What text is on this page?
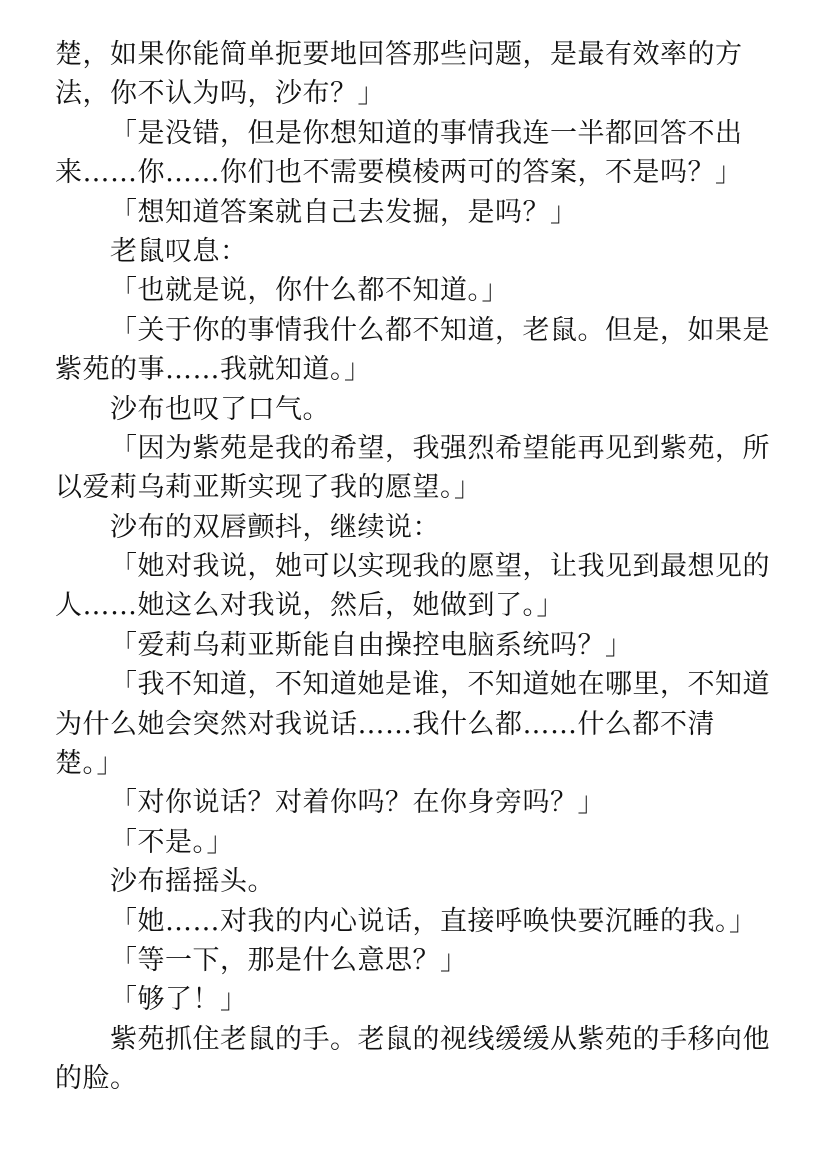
楚，如果你能简单扼要地回答那些问题，是最有效率的方
法，你不认为吗，沙布？」
「是没错，但是你想知道的事情我连一半都回答不出
来……你……你们也不需要模棱两可的答案，不是吗？」
「想知道答案就自己去发掘，是吗？」
老鼠叹息：
「也就是说，你什么都不知道。」
「关于你的事情我什么都不知道，老鼠。但是，如果是
紫苑的事……我就知道。」
沙布也叹了口气。
「因为紫苑是我的希望，我强烈希望能再见到紫苑，所
以爱莉乌莉亚斯实现了我的愿望。」
沙布的双唇颤抖，继续说：
「她对我说，她可以实现我的愿望，让我见到最想见的
人……她这么对我说，然后，她做到了。」
「爱莉乌莉亚斯能自由操控电脑系统吗？」
「我不知道，不知道她是谁，不知道她在哪里，不知道
为什么她会突然对我说话……我什么都……什么都不清
楚。」
「对你说话？对着你吗？在你身旁吗？」
「不是。」
沙布摇摇头。
「她……对我的内心说话，直接呼唤快要沉睡的我。」
「等一下，那是什么意思？」
「够了！」
紫苑抓住老鼠的手。老鼠的视线缓缓从紫苑的手移向他
的脸。
